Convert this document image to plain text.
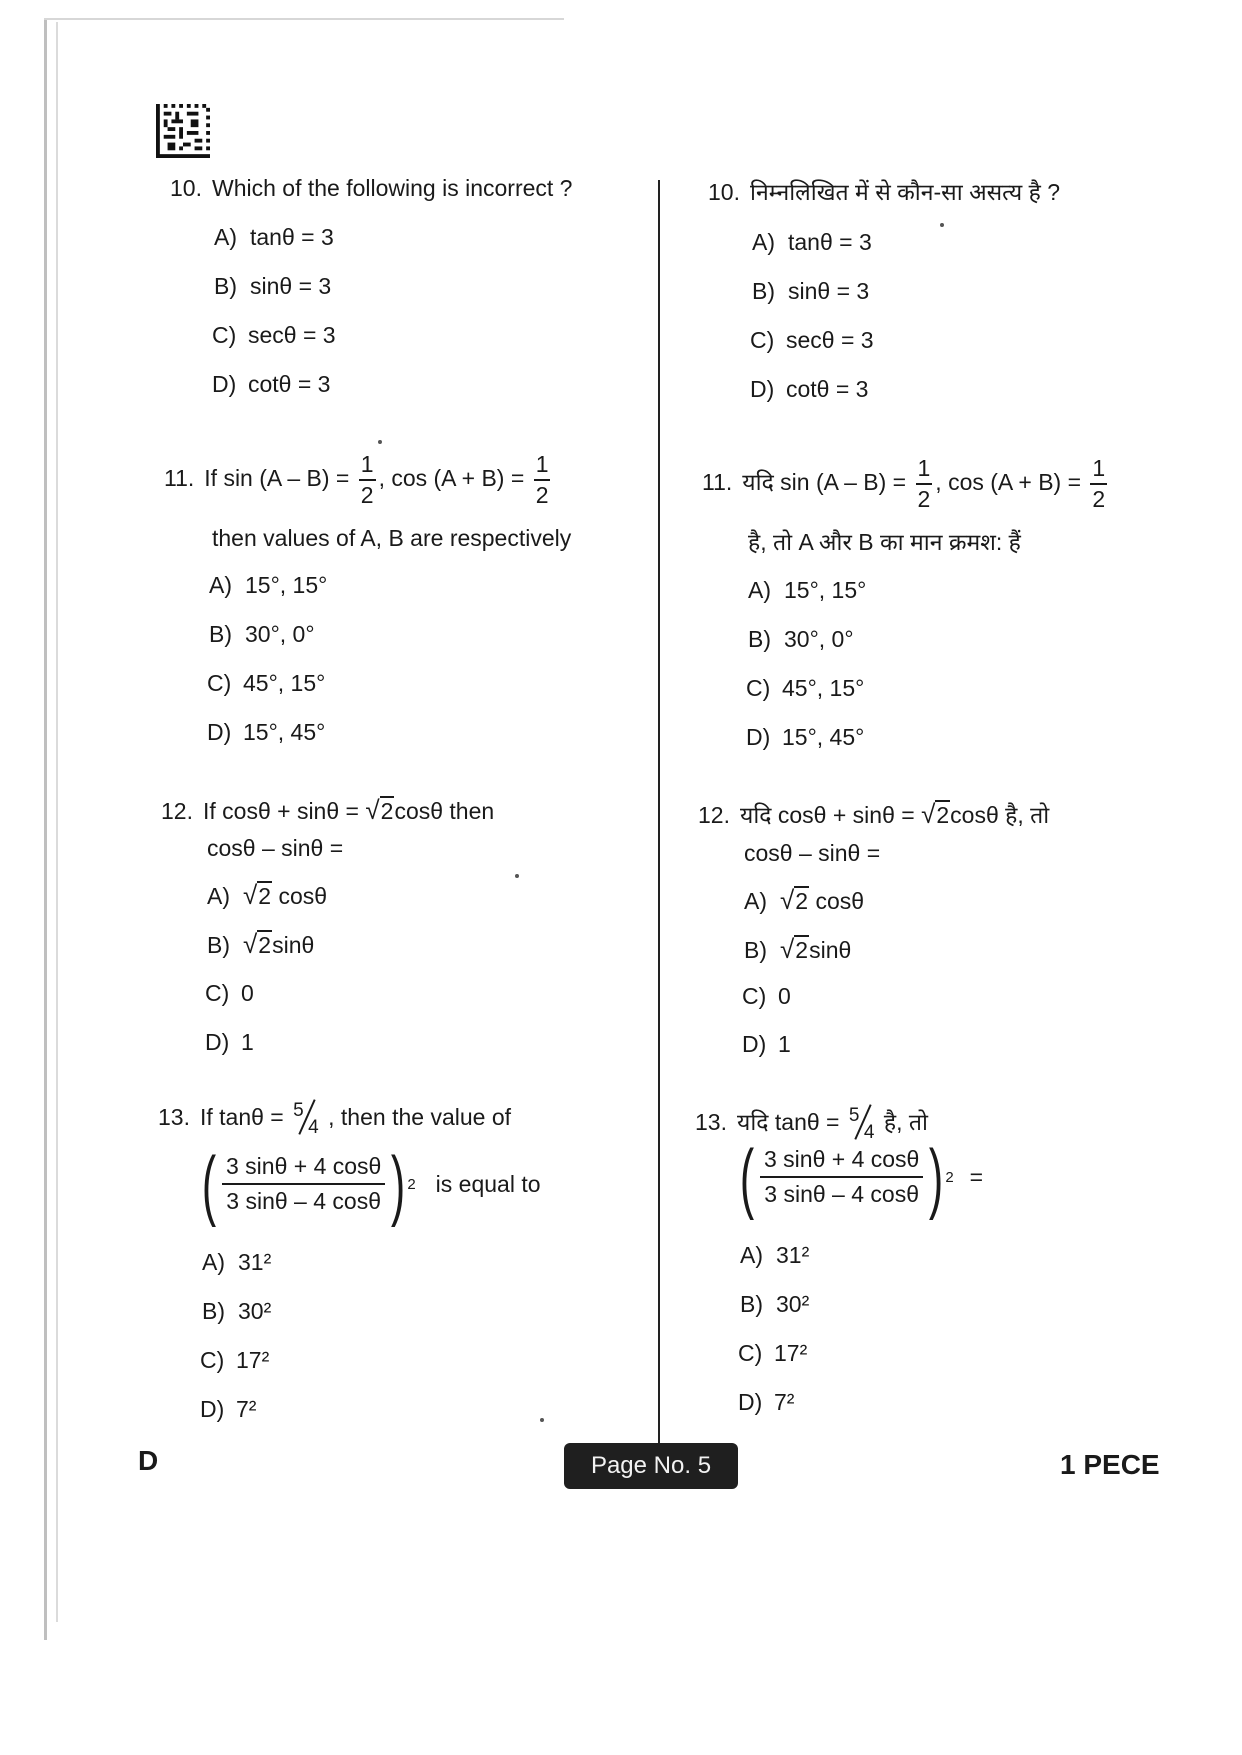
10. Which of the following is incorrect ?
A) tanθ = 3
B) sinθ = 3
C) secθ = 3
D) cotθ = 3
11. If $\sin (A - B) = \frac{1}{2}$ , $\cos (A + B) = \frac{1}{2}$
then values of A, B are respectively
A) 15°, 15°
B) 30°, 0°
C) 45°, 15°
D) 15°, 45°
12. If cosθ + sinθ = √2cosθ then
cosθ – sinθ =
A) √2 cosθ
B) √2sinθ
C) 0
D) 1
13. If tanθ = 5
4 , then the value of
( $\frac{3 \sin\theta + 4 \cos\theta}{3 \sin\theta - 4 \cos\theta}$ ) 2 is equal to
A) 31²
B) 30²
C) 17²
D) 7²
10. निम्नलिखित में से कौन-सा असत्य है ?
A) tanθ = 3
B) sinθ = 3
C) secθ = 3
D) cotθ = 3
11. यदि $\sin (A - B) = \frac{1}{2}$ , $\cos (A + B) = \frac{1}{2}$
है, तो A और B का मान क्रमश: हैं
A) 15°, 15°
B) 30°, 0°
C) 45°, 15°
D) 15°, 45°
12. यदि cosθ + sinθ = √2cosθ है, तो
cosθ – sinθ =
A) √2 cosθ
B) √2sinθ
C) 0
D) 1
13. यदि tanθ = 5
4 है, तो
( $\frac{3 \sin\theta + 4 \cos\theta}{3 \sin\theta - 4 \cos\theta}$ ) 2 =
A) 31²
B) 30²
C) 17²
D) 7²
D	Page No. 5	1 PECE
